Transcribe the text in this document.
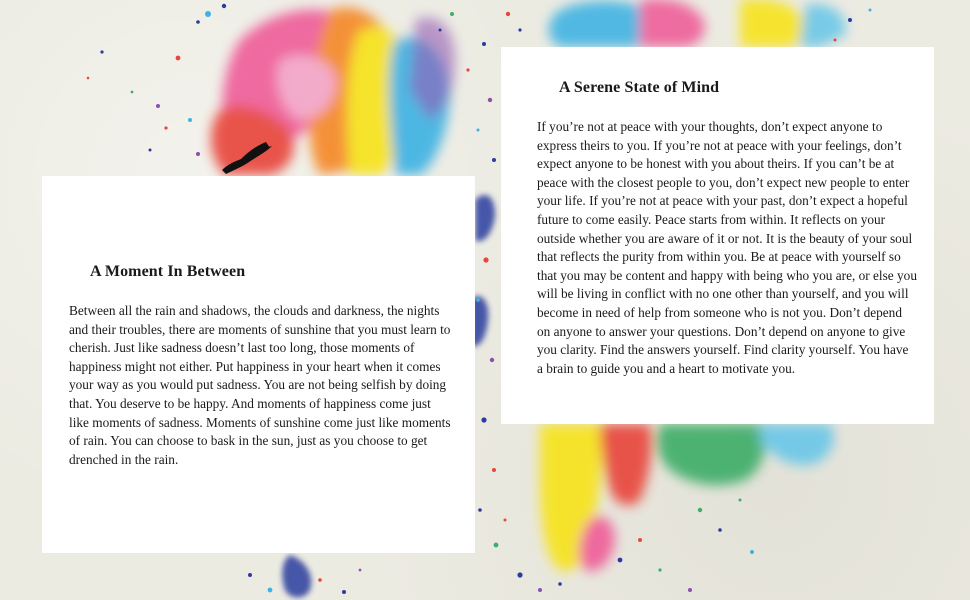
A Moment In Between

Between all the rain and shadows, the clouds and darkness, the nights and their troubles, there are moments of sunshine that you must learn to cherish. Just like sadness doesn’t last too long, those moments of happiness might not either. Put happiness in your heart when it comes your way as you would put sadness. You are not being selfish by doing that. You deserve to be happy. And moments of happiness come just like moments of sadness. Moments of sunshine come just like moments of rain. You can choose to bask in the sun, just as you choose to get drenched in the rain.

A Serene State of Mind

If you’re not at peace with your thoughts, don’t expect anyone to express theirs to you. If you’re not at peace with your feelings, don’t expect anyone to be honest with you about theirs. If you can’t be at peace with the closest people to you, don’t expect new people to enter your life. If you’re not at peace with your past, don’t expect a hopeful future to come easily. Peace starts from within. It reflects on your outside whether you are aware of it or not. It is the beauty of your soul that reflects the purity from within you. Be at peace with yourself so that you may be content and happy with being who you are, or else you will be living in conflict with no one other than yourself, and you will become in need of help from someone who is not you. Don’t depend on anyone to answer your questions. Don’t depend on anyone to give you clarity. Find the answers yourself. Find clarity yourself. You have a brain to guide you and a heart to motivate you.
